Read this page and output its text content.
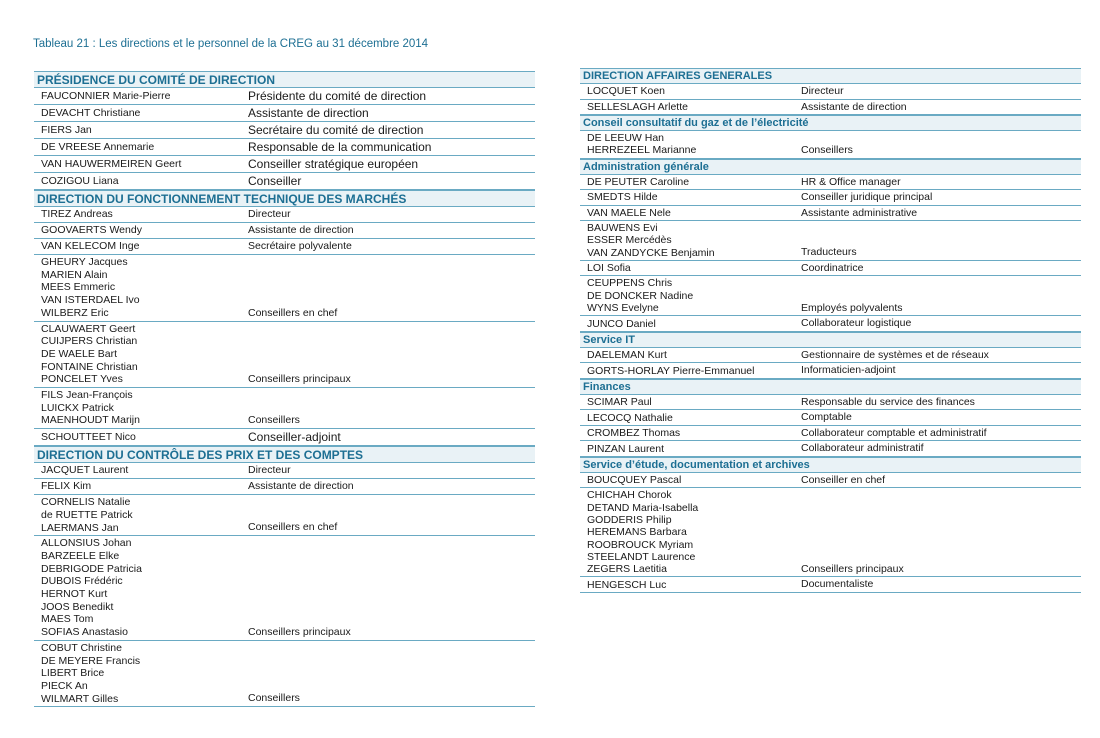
Tableau 21 : Les directions et le personnel de la CREG au 31 décembre 2014
PRÉSIDENCE DU COMITÉ DE DIRECTION
FAUCONNIER Marie-Pierre	Présidente du comité de direction
DEVACHT Christiane	Assistante de direction
FIERS Jan	Secrétaire du comité de direction
DE VREESE Annemarie	Responsable de la communication
VAN HAUWERMEIREN Geert	Conseiller stratégique européen
COZIGOU Liana	Conseiller
DIRECTION DU FONCTIONNEMENT TECHNIQUE DES MARCHÉS
TIREZ Andreas	Directeur
GOOVAERTS Wendy	Assistante de direction
VAN KELECOM Inge	Secrétaire polyvalente
GHEURY Jacques
MARIEN Alain
MEES Emmeric
VAN ISTERDAEL Ivo
WILBERZ Eric	Conseillers en chef
CLAUWAERT Geert
CUIJPERS Christian
DE WAELE Bart
FONTAINE Christian
PONCELET Yves	Conseillers principaux
FILS Jean-François
LUICKX Patrick
MAENHOUDT Marijn	Conseillers
SCHOUTTEET Nico	Conseiller-adjoint
DIRECTION DU CONTRÔLE DES PRIX ET DES COMPTES
JACQUET Laurent	Directeur
FELIX Kim	Assistante de direction
CORNELIS Natalie
de RUETTE Patrick
LAERMANS Jan	Conseillers en chef
ALLONSIUS Johan
BARZEELE Elke
DEBRIGODE Patricia
DUBOIS Frédéric
HERNOT Kurt
JOOS Benedikt
MAES Tom
SOFIAS Anastasio	Conseillers principaux
COBUT Christine
DE MEYERE Francis
LIBERT Brice
PIECK An
WILMART Gilles	Conseillers
DIRECTION AFFAIRES GENERALES
LOCQUET Koen	Directeur
SELLESLAGH Arlette	Assistante de direction
Conseil consultatif du gaz et de l’électricité
DE LEEUW Han
HERREZEEL Marianne	Conseillers
Administration générale
DE PEUTER Caroline	HR & Office manager
SMEDTS Hilde	Conseiller juridique principal
VAN MAELE Nele	Assistante administrative
BAUWENS Evi
ESSER Mercédès
VAN ZANDYCKE Benjamin	Traducteurs
LOI Sofia	Coordinatrice
CEUPPENS Chris
DE DONCKER Nadine
WYNS Evelyne	Employés polyvalents
JUNCO Daniel	Collaborateur logistique
Service IT
DAELEMAN Kurt	Gestionnaire de systèmes et de réseaux
GORTS-HORLAY Pierre-Emmanuel	Informaticien-adjoint
Finances
SCIMAR Paul	Responsable du service des finances
LECOCQ Nathalie	Comptable
CROMBEZ Thomas	Collaborateur comptable et administratif
PINZAN Laurent	Collaborateur administratif
Service d’étude, documentation et archives
BOUCQUEY Pascal	Conseiller en chef
CHICHAH Chorok
DETAND Maria-Isabella
GODDERIS Philip
HEREMANS Barbara
ROOBROUCK Myriam
STEELANDT Laurence
ZEGERS Laetitia	Conseillers principaux
HENGESCH Luc	Documentaliste
